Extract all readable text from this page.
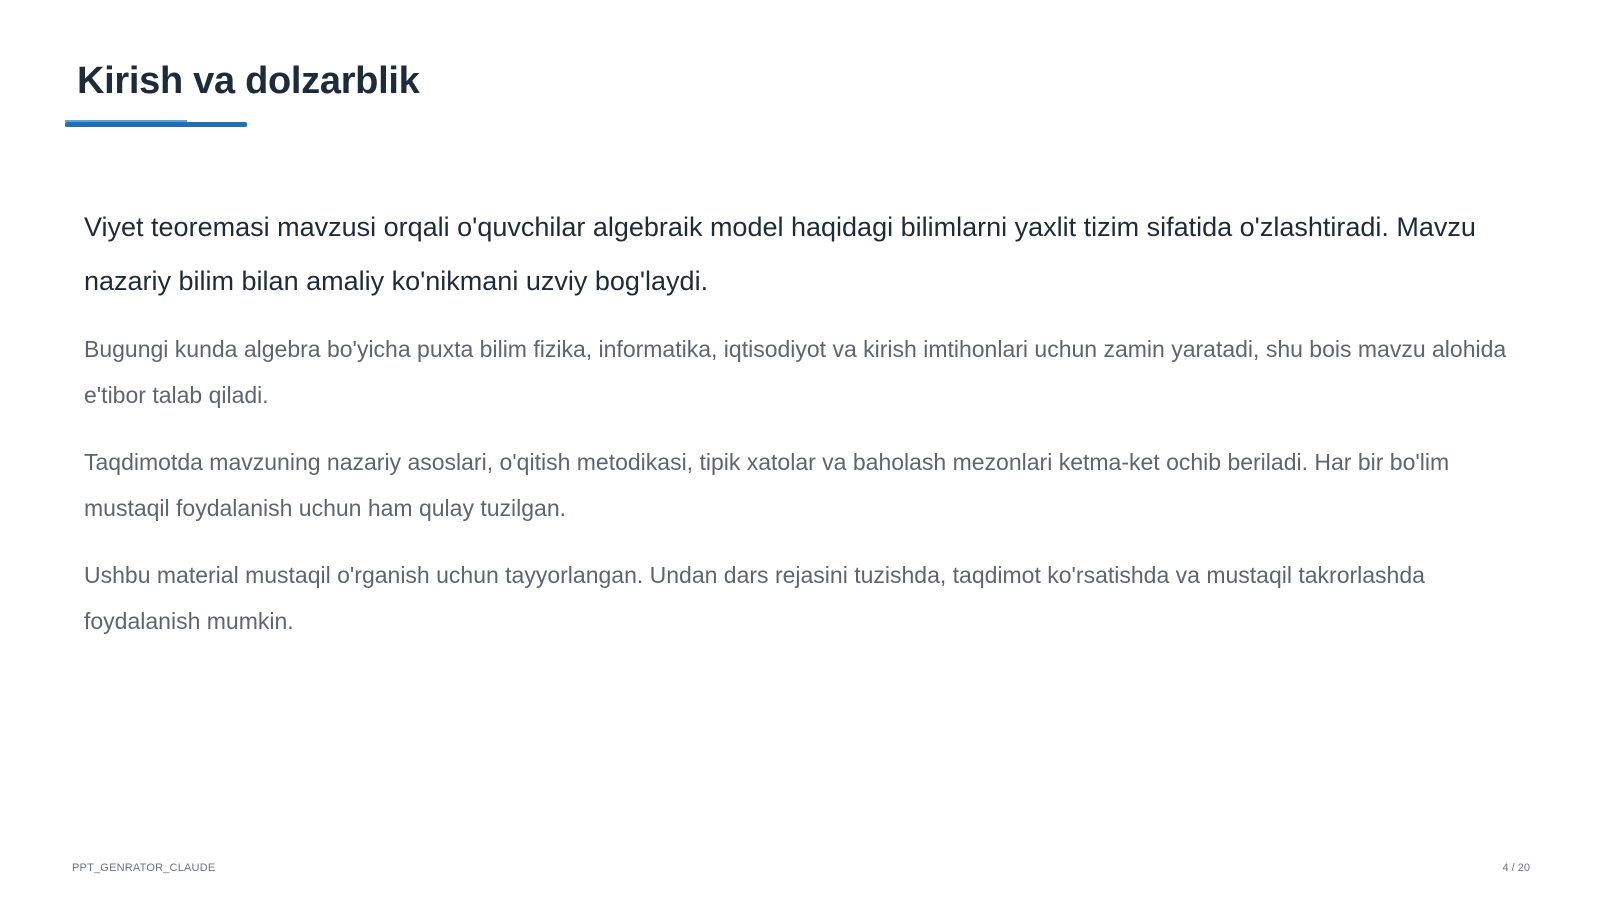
Kirish va dolzarblik

Viyet teoremasi mavzusi orqali o'quvchilar algebraik model haqidagi bilimlarni yaxlit tizim sifatida o'zlashtiradi. Mavzu nazariy bilim bilan amaliy ko'nikmani uzviy bog'laydi.

Bugungi kunda algebra bo'yicha puxta bilim fizika, informatika, iqtisodiyot va kirish imtihonlari uchun zamin yaratadi, shu bois mavzu alohida e'tibor talab qiladi.

Taqdimotda mavzuning nazariy asoslari, o'qitish metodikasi, tipik xatolar va baholash mezonlari ketma-ket ochib beriladi. Har bir bo'lim mustaqil foydalanish uchun ham qulay tuzilgan.

Ushbu material mustaqil o'rganish uchun tayyorlangan. Undan dars rejasini tuzishda, taqdimot ko'rsatishda va mustaqil takrorlashda foydalanish mumkin.

PPT_GENRATOR_CLAUDE	4 / 20
